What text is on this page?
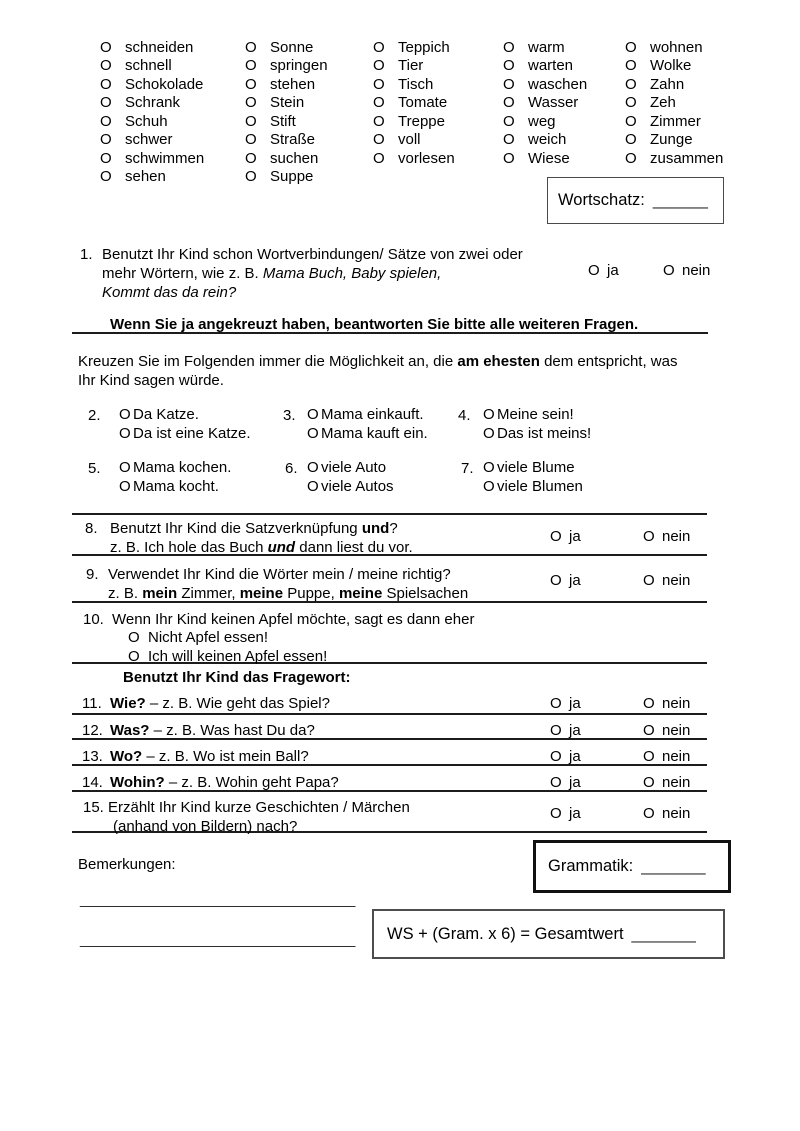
O schneiden
O schnell
O Schokolade
O Schrank
O Schuh
O schwer
O schwimmen
O sehen
O Sonne
O springen
O stehen
O Stein
O Stift
O Straße
O suchen
O Suppe
O Teppich
O Tier
O Tisch
O Tomate
O Treppe
O voll
O vorlesen
O warm
O warten
O waschen
O Wasser
O weg
O weich
O Wiese
O wohnen
O Wolke
O Zahn
O Zeh
O Zimmer
O Zunge
O zusammen
Wortschatz: ______
1. Benutzt Ihr Kind schon Wortverbindungen/ Sätze von zwei oder
mehr Wörtern, wie z. B. Mama Buch, Baby spielen,
Kommt das da rein?
O ja	O nein
Wenn Sie ja angekreuzt haben, beantworten Sie bitte alle weiteren Fragen.
Kreuzen Sie im Folgenden immer die Möglichkeit an, die am ehesten dem entspricht, was
Ihr Kind sagen würde.
2. O Da Katze.
O Da ist eine Katze.
3. O Mama einkauft.
O Mama kauft ein.
4. O Meine sein!
O Das ist meins!
5. O Mama kochen.
O Mama kocht.
6. O viele Auto
O viele Autos
7. O viele Blume
O viele Blumen
8. Benutzt Ihr Kind die Satzverknüpfung und?
z. B. Ich hole das Buch und dann liest du vor.
O ja	O nein
9. Verwendet Ihr Kind die Wörter mein / meine richtig?
z. B. mein Zimmer, meine Puppe, meine Spielsachen
O ja	O nein
10. Wenn Ihr Kind keinen Apfel möchte, sagt es dann eher
O Nicht Apfel essen!
O Ich will keinen Apfel essen!
Benutzt Ihr Kind das Fragewort:
11. Wie? – z. B. Wie geht das Spiel?	O ja	O nein
12. Was? – z. B. Was hast Du da?	O ja	O nein
13. Wo? – z. B. Wo ist mein Ball?	O ja	O nein
14. Wohin? – z. B. Wohin geht Papa?	O ja	O nein
15. Erzählt Ihr Kind kurze Geschichten / Märchen
(anhand von Bildern) nach?
O ja	O nein
Bemerkungen:	Grammatik: _______
_________________________________
_________________________________ WS + (Gram. x 6) = Gesamtwert _______
